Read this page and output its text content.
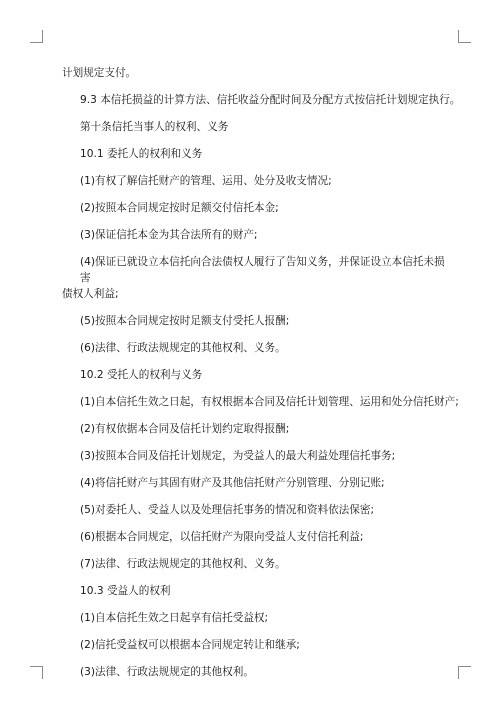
计划规定支付。

9.3 本信托损益的计算方法、信托收益分配时间及分配方式按信托计划规定执行。

第十条信托当事人的权利、义务

10.1 委托人的权利和义务

(1)有权了解信托财产的管理、运用、处分及收支情况;

(2)按照本合同规定按时足额交付信托本金;

(3)保证信托本金为其合法所有的财产;

(4)保证已就设立本信托向合法债权人履行了告知义务，并保证设立本信托未损害
债权人利益;

(5)按照本合同规定按时足额支付受托人报酬;

(6)法律、行政法规规定的其他权利、义务。

10.2 受托人的权利与义务

(1)自本信托生效之日起，有权根据本合同及信托计划管理、运用和处分信托财产;

(2)有权依据本合同及信托计划约定取得报酬;

(3)按照本合同及信托计划规定，为受益人的最大利益处理信托事务;

(4)将信托财产与其固有财产及其他信托财产分别管理、分别记账;

(5)对委托人、受益人以及处理信托事务的情况和资料依法保密;

(6)根据本合同规定，以信托财产为限向受益人支付信托利益;

(7)法律、行政法规规定的其他权利、义务。

10.3 受益人的权利

(1)自本信托生效之日起享有信托受益权;

(2)信托受益权可以根据本合同规定转让和继承;

(3)法律、行政法规规定的其他权利。
